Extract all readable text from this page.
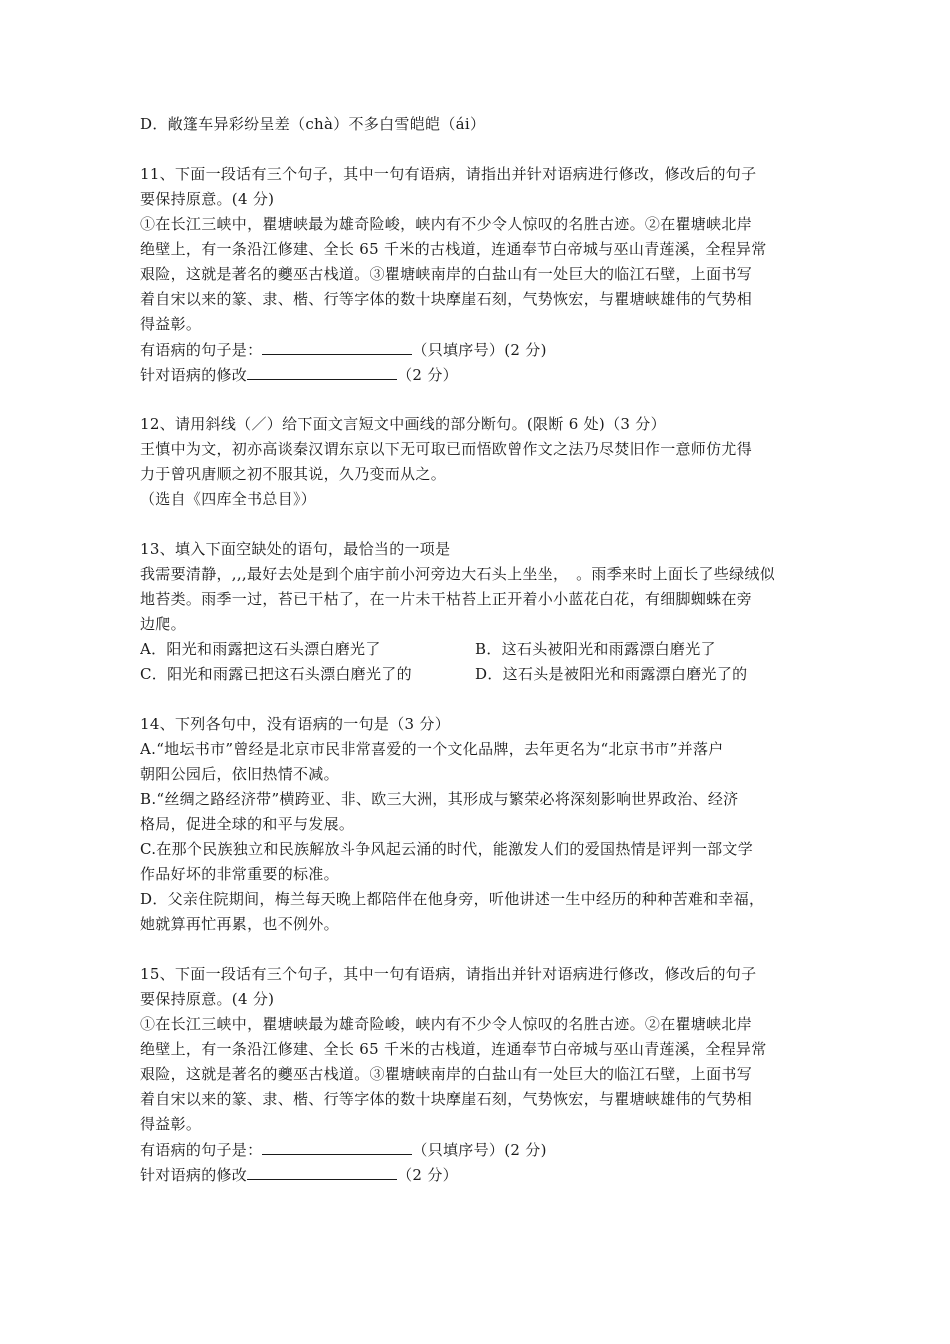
D．敞篷车异彩纷呈差（chà）不多白雪皑皑（ái）
11、下面一段话有三个句子，其中一句有语病，请指出并针对语病进行修改，修改后的句子
要保持原意。(4 分)
①在长江三峡中，瞿塘峡最为雄奇险峻，峡内有不少令人惊叹的名胜古迹。②在瞿塘峡北岸
绝壁上，有一条沿江修建、全长 65 千米的古栈道，连通奉节白帝城与巫山青莲溪，全程异常
艰险，这就是著名的夔巫古栈道。③瞿塘峡南岸的白盐山有一处巨大的临江石壁，上面书写
着自宋以来的篆、隶、楷、行等字体的数十块摩崖石刻，气势恢宏，与瞿塘峡雄伟的气势相
得益彰。
有语病的句子是：	（只填序号）(2 分)
针对语病的修改	（2 分）
12、请用斜线（／）给下面文言短文中画线的部分断句。(限断 6 处)（3 分）
王慎中为文，初亦高谈秦汉谓东京以下无可取已而悟欧曾作文之法乃尽焚旧作一意师仿尤得
力于曾巩唐顺之初不服其说，久乃变而从之。
（选自《四库全书总目》）
13、填入下面空缺处的语句，最恰当的一项是
我需要清静，,,,最好去处是到个庙宇前小河旁边大石头上坐坐，　。雨季来时上面长了些绿绒似
地苔类。雨季一过，苔已干枯了，在一片未干枯苔上正开着小小蓝花白花，有细脚蜘蛛在旁
边爬。
A．阳光和雨露把这石头漂白磨光了	B．这石头被阳光和雨露漂白磨光了
C．阳光和雨露已把这石头漂白磨光了的	D．这石头是被阳光和雨露漂白磨光了的
14、下列各句中，没有语病的一句是（3 分）
A.“地坛书市”曾经是北京市民非常喜爱的一个文化品牌，去年更名为“北京书市”并落户
朝阳公园后，依旧热情不减。
B.“丝绸之路经济带”横跨亚、非、欧三大洲，其形成与繁荣必将深刻影响世界政治、经济
格局，促进全球的和平与发展。
C.在那个民族独立和民族解放斗争风起云涌的时代，能激发人们的爱国热情是评判一部文学
作品好坏的非常重要的标准。
D．父亲住院期间，梅兰每天晚上都陪伴在他身旁，听他讲述一生中经历的种种苦难和幸福，
她就算再忙再累，也不例外。
15、下面一段话有三个句子，其中一句有语病，请指出并针对语病进行修改，修改后的句子
要保持原意。(4 分)
①在长江三峡中，瞿塘峡最为雄奇险峻，峡内有不少令人惊叹的名胜古迹。②在瞿塘峡北岸
绝壁上，有一条沿江修建、全长 65 千米的古栈道，连通奉节白帝城与巫山青莲溪，全程异常
艰险，这就是著名的夔巫古栈道。③瞿塘峡南岸的白盐山有一处巨大的临江石壁，上面书写
着自宋以来的篆、隶、楷、行等字体的数十块摩崖石刻，气势恢宏，与瞿塘峡雄伟的气势相
得益彰。
有语病的句子是：	（只填序号）(2 分)
针对语病的修改	（2 分）
